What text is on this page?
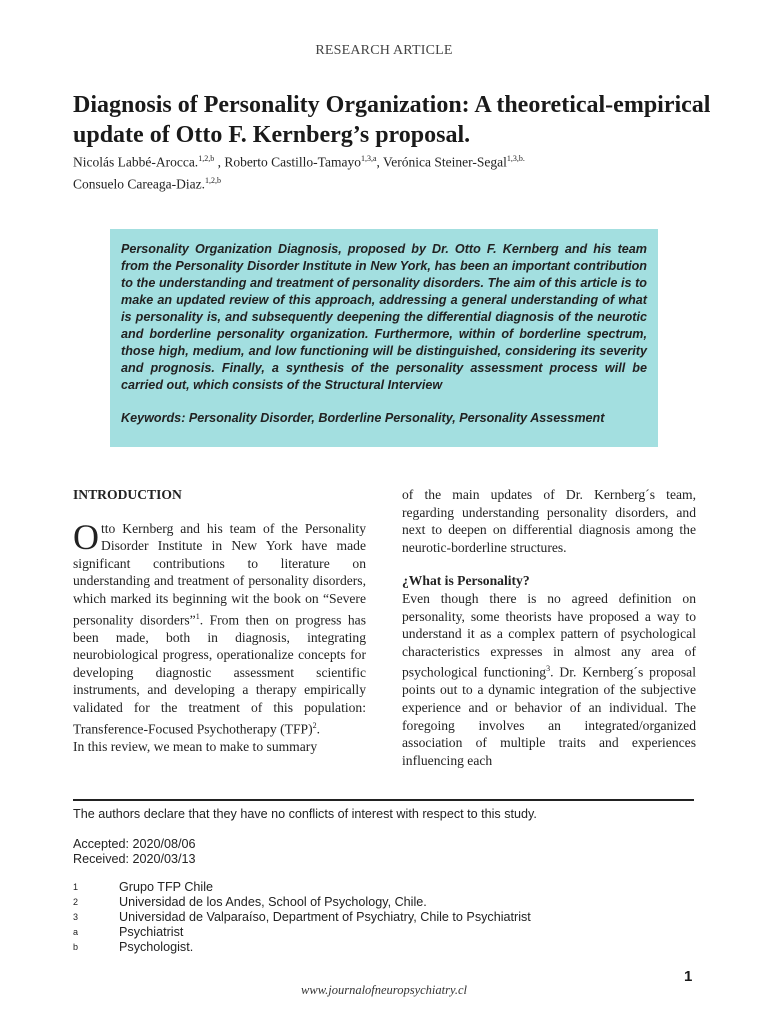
RESEARCH ARTICLE
Diagnosis of Personality Organization: A theoretical-empirical update of Otto F. Kernberg’s proposal.
Nicolás Labbé-Arocca.$^{1,2,b}$ , Roberto Castillo-Tamayo$^{1,3,a}$, Verónica Steiner-Segal$^{1,3,b.}$
Consuelo Careaga-Diaz.$^{1,2,b}$

Personality Organization Diagnosis, proposed by Dr. Otto F. Kernberg and his team from the Personality Disorder Institute in New York, has been an important contribution to the understanding and treatment of personality disorders. The aim of this article is to make an updated review of this approach, addressing a general understanding of what is personality is, and subsequently deepening the differential diagnosis of the neurotic and borderline personality organization. Furthermore, within of borderline spectrum, those high, medium, and low functioning will be distinguished, considering its severity and prognosis. Finally, a synthesis of the personality assessment process will be carried out, which consists of the Structural Interview

Keywords: Personality Disorder, Borderline Personality, Personality Assessment

INTRODUCTION

Otto Kernberg and his team of the Personality Disorder Institute in New York have made significant contributions to literature on understanding and treatment of personality disorders, which marked its beginning wit the book on “Severe personality disorders”$^1$. From then on progress has been made, both in diagnosis, integrating neurobiological progress, operationalize concepts for developing diagnostic assessment scientific instruments, and developing a therapy empirically validated for the treatment of this population: Transference-Focused Psychotherapy (TFP)$^2$.

In this review, we mean to make to summary

of the main updates of Dr. Kernberg´s team, regarding understanding personality disorders, and next to deepen on differential diagnosis among the neurotic-borderline structures.

¿What is Personality?

Even though there is no agreed definition on personality, some theorists have proposed a way to understand it as a complex pattern of psychological characteristics expresses in almost any area of psychological functioning$^3$. Dr. Kernberg´s proposal points out to a dynamic integration of the subjective experience and or behavior of an individual. The foregoing involves an integrated/organized association of multiple traits and experiences influencing each

The authors declare that they have no conflicts of interest with respect to this study.
Accepted: 2020/08/06
Received: 2020/03/13
1	Grupo TFP Chile
2	Universidad de los Andes, School of Psychology, Chile.
3	Universidad de Valparaíso, Department of Psychiatry, Chile to Psychiatrist
a	Psychiatrist
b	Psychologist.
1
www.journalofneuropsychiatry.cl
